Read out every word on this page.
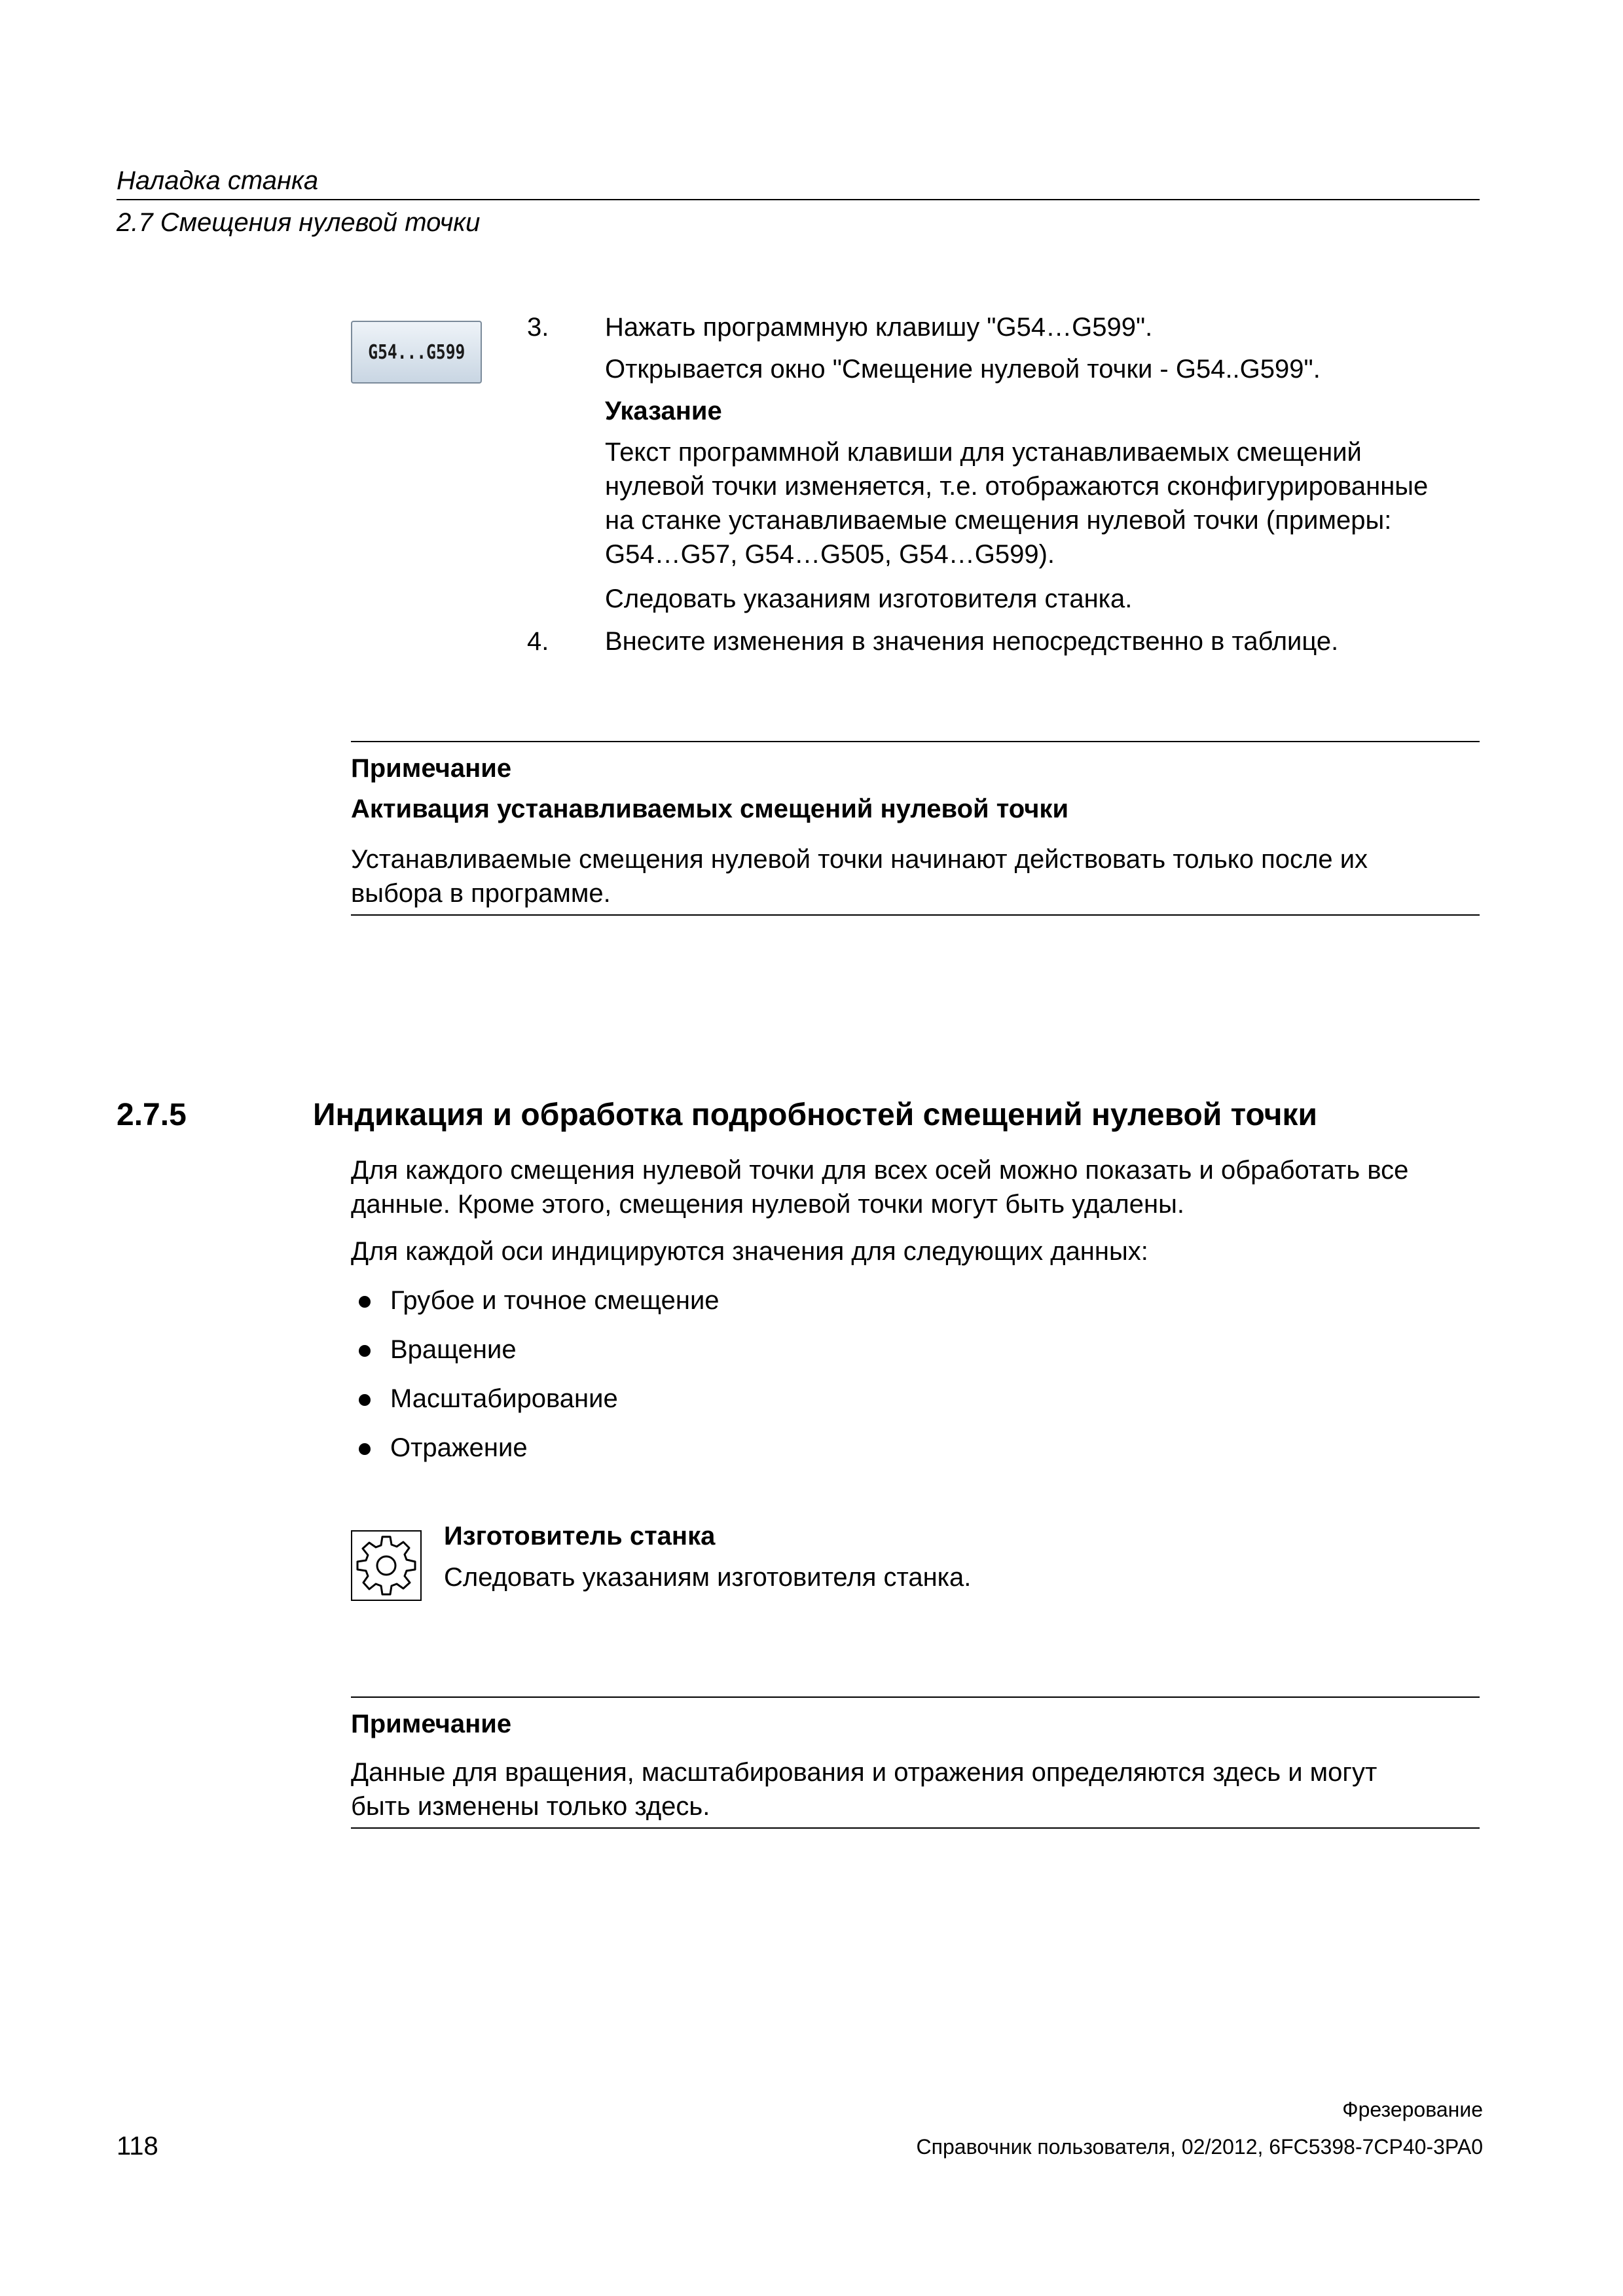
Наладка станка
2.7 Смещения нулевой точки
G54...G599
3. Нажать программную клавишу "G54…G599".
Открывается окно "Смещение нулевой точки - G54..G599".
Указание
Текст программной клавиши для устанавливаемых смещений
нулевой точки изменяется, т.е. отображаются сконфигурированные
на станке устанавливаемые смещения нулевой точки (примеры:
G54…G57, G54…G505, G54…G599).
Следовать указаниям изготовителя станка.
4. Внесите изменения в значения непосредственно в таблице.
Примечание
Активация устанавливаемых смещений нулевой точки
Устанавливаемые смещения нулевой точки начинают действовать только после их
выбора в программе.
2.7.5	Индикация и обработка подробностей смещений нулевой точки
Для каждого смещения нулевой точки для всех осей можно показать и обработать все
данные. Кроме этого, смещения нулевой точки могут быть удалены.
Для каждой оси индицируются значения для следующих данных:
Грубое и точное смещение
Вращение
Масштабирование
Отражение
Изготовитель станка
Следовать указаниям изготовителя станка.
Примечание
Данные для вращения, масштабирования и отражения определяются здесь и могут
быть изменены только здесь.
Фрезерование
118	Справочник пользователя, 02/2012, 6FC5398-7CP40-3PA0
